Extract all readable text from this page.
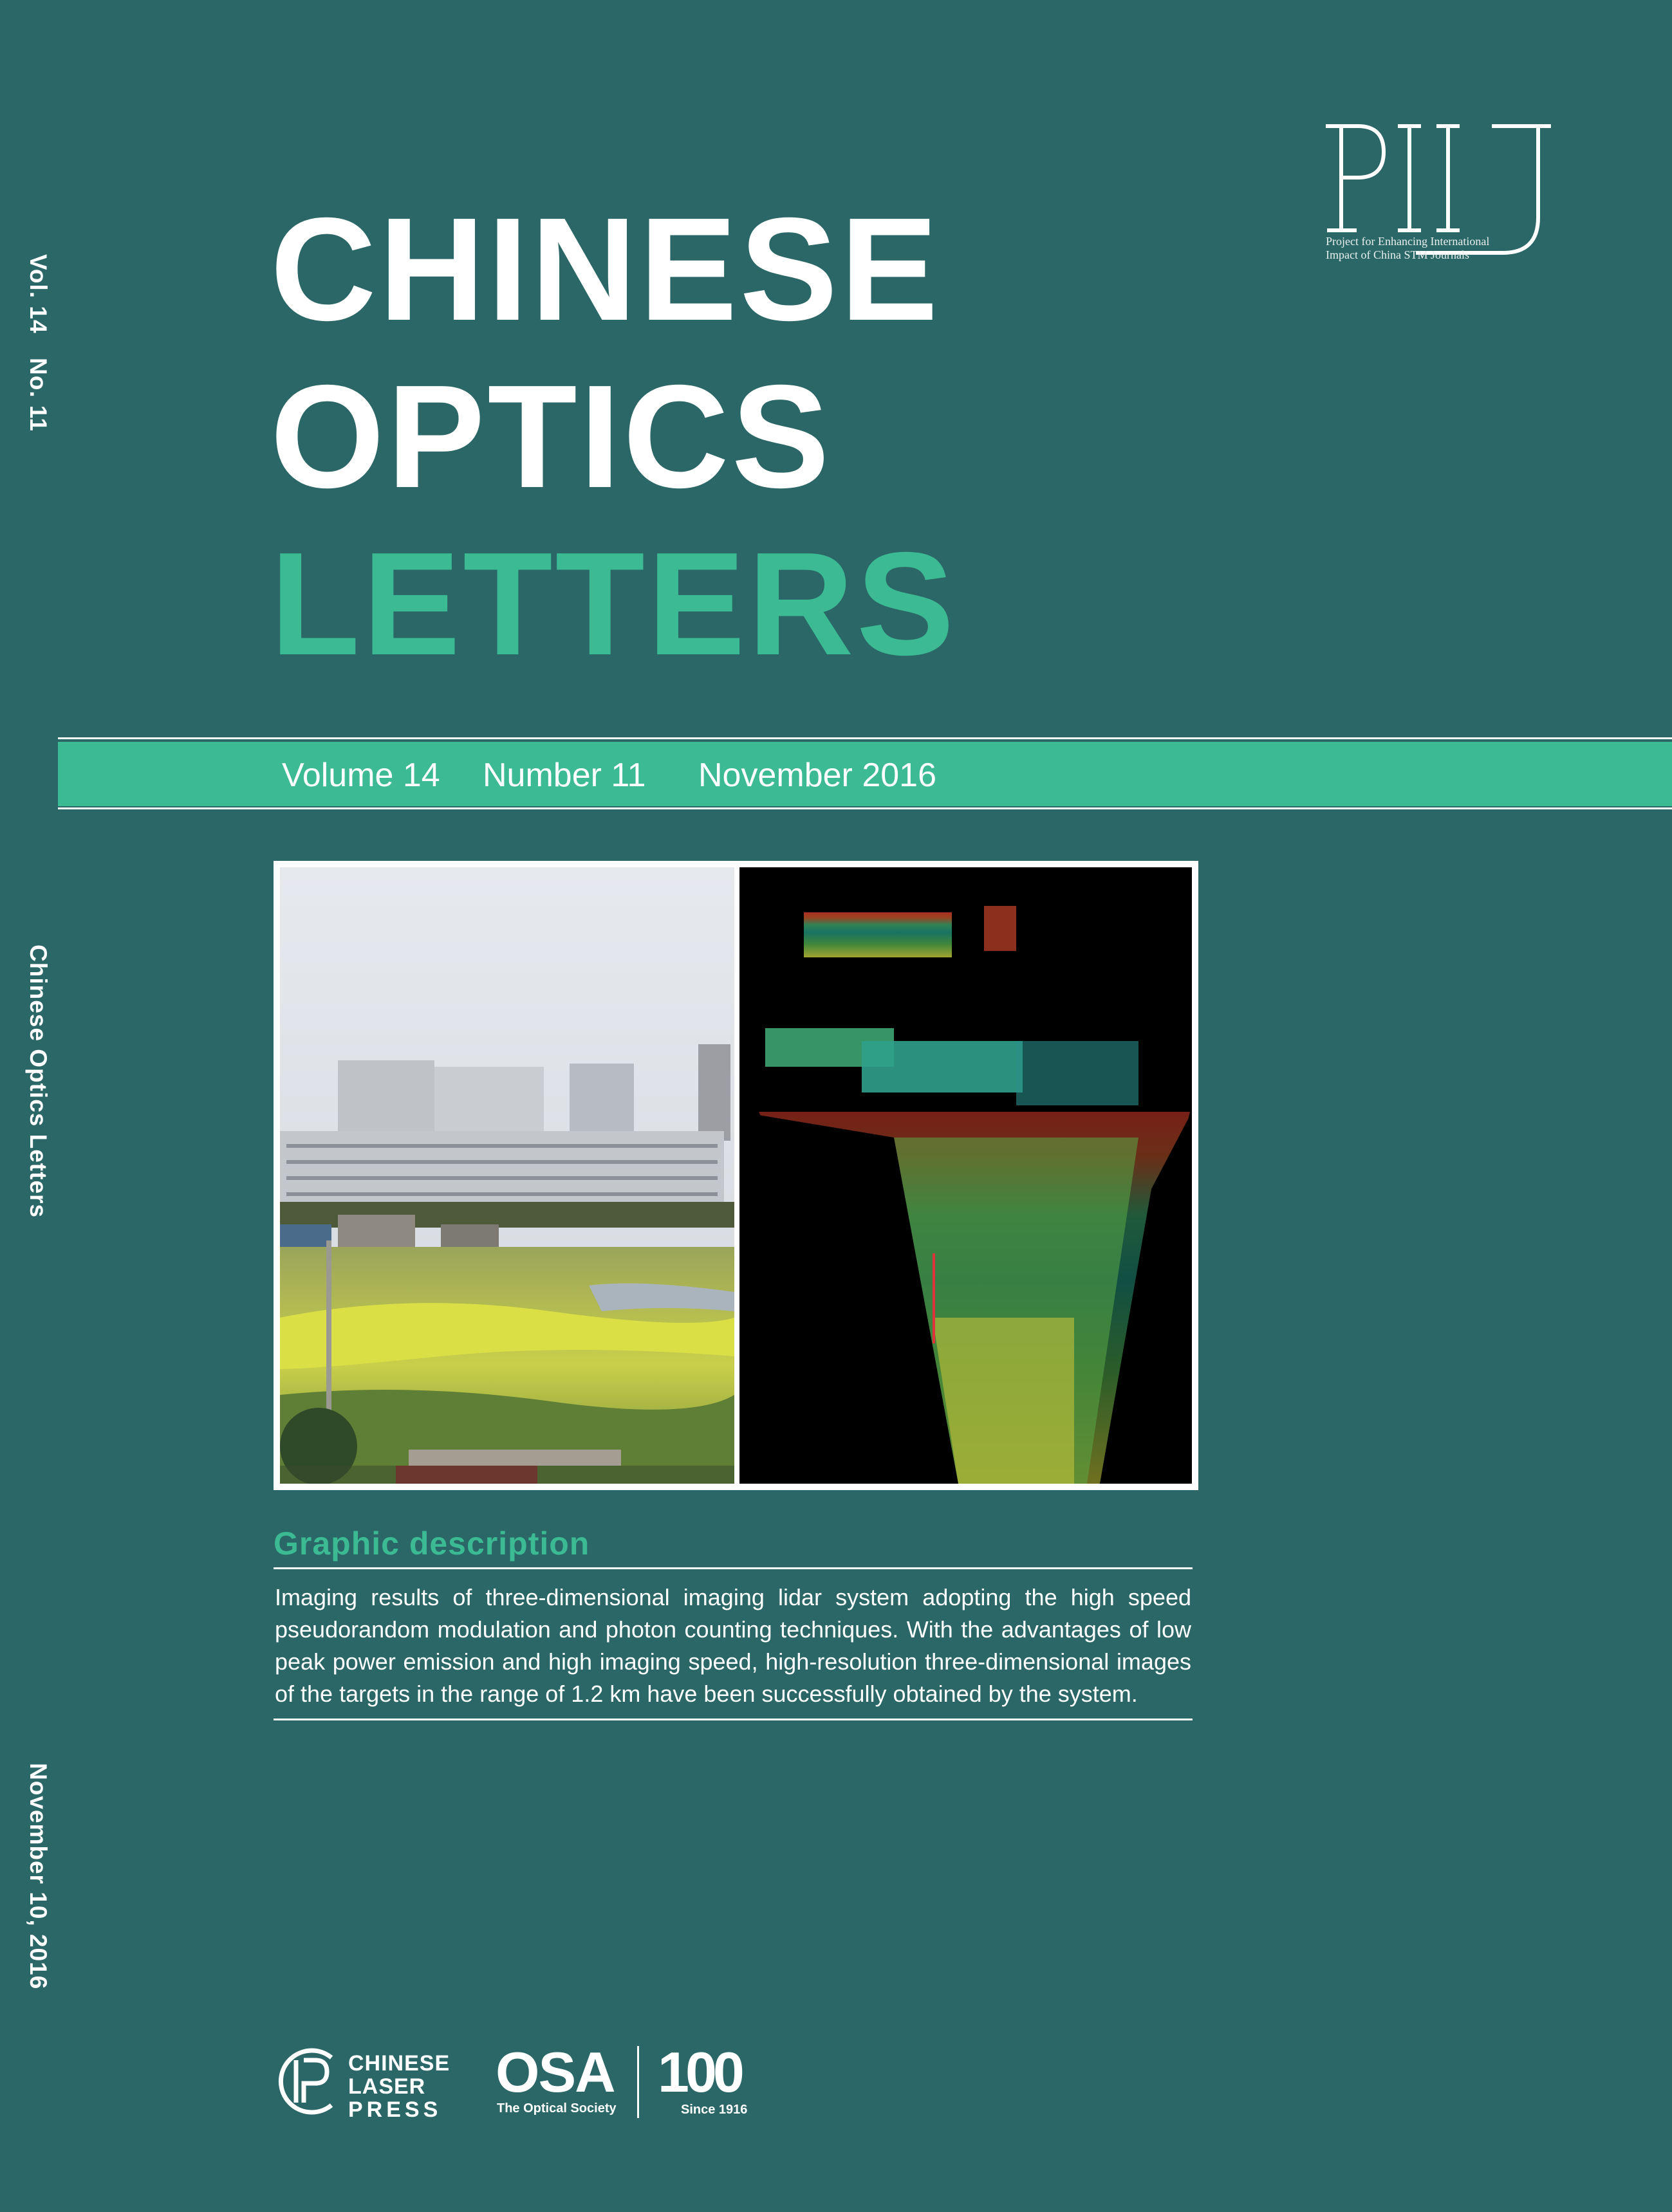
Vol. 14 No. 11
Chinese Optics Letters
November 10, 2016
Project for Enhancing International
Impact of China STM Journals
CHINESE
OPTICS
LETTERS
Volume 14 Number 11 November 2016
Graphic description
Imaging results of three-dimensional imaging lidar system adopting the high speed pseudorandom modulation and photon counting techniques. With the advantages of low peak power emission and high imaging speed, high-resolution three-dimensional images of the targets in the range of 1.2 km have been successfully obtained by the system.
CHINESE
LASER
PRESS
OSA
The Optical Society
100
Since 1916
